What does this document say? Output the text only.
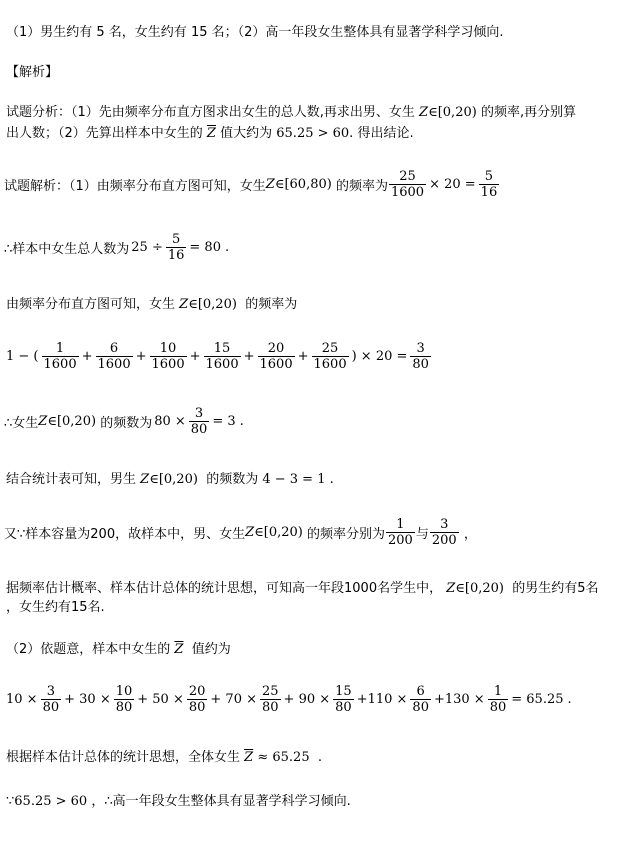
（1）男生约有 5 名，女生约有 15 名；（2）高一年段女生整体具有显著学科学习倾向.
【解析】
试题分析：（1）先由频率分布直方图求出女生的总人数,再求出男、女生 Z∈[0,20) 的频率,再分别算
出人数；（2）先算出样本中女生的 $\overline{Z}$ 值大约为 65.25 > 60. 得出结论.
试题解析：（1）由频率分布直方图可知，女生 Z ∈ [60,80)
的频率为 $\frac{25}{1600} \times 20 = \frac{5}{16}$
∴样本中女生总人数为 $25 \div \frac{5}{16} = 80$ .
由频率分布直方图可知，女生 Z∈[0,20) 的频率为
1 − ( $\frac{1}{1600} + \frac{6}{1600} + \frac{10}{1600} + \frac{15}{1600} + \frac{20}{1600} + \frac{25}{1600}$ ) × $20 = \frac{3}{80}$
∴女生 Z ∈ [0,20)
的频数为 $80 \times \frac{3}{80} = 3$ .
结合统计表可知，男生 Z∈[0,20) 的频数为 4 − 3 = 1 .
又∵样本容量为200，故样本中，男、女生 Z ∈ [0,20)
的频率分别为 $\frac{1}{200}$ 与 $\frac{3}{200}$
，
据频率估计概率、样本估计总体的统计思想，可知高一年段1000名学生中， Z∈[0,20) 的男生约有5名
，女生约有15名.
（2）依题意，样本中女生的 $\overline{Z}$ 值约为
$10 \times \frac{3}{80} + 30 \times \frac{10}{80} + 50 \times \frac{20}{80} + 70 \times \frac{25}{80} + 90 \times \frac{15}{80} +110 \times \frac{6}{80} +130 \times \frac{1}{80} = 65.25$ .
根据样本估计总体的统计思想，全体女生 $\overline{Z} \approx 65.25$ .
∵65.25 > 60 ，∴高一年段女生整体具有显著学科学习倾向.
